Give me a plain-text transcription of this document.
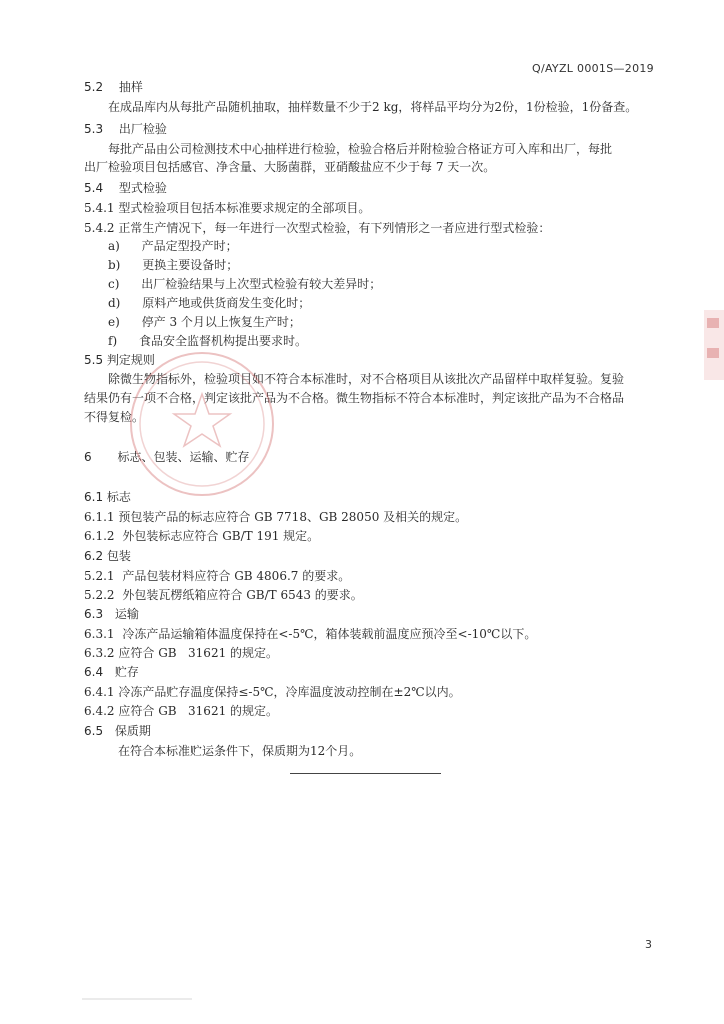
Q/AYZL 0001S—2019
5.2 抽样
在成品库内从每批产品随机抽取，抽样数量不少于2 kg，将样品平均分为2份，1份检验，1份备查。
5.3 出厂检验
每批产品由公司检测技术中心抽样进行检验，检验合格后并附检验合格证方可入库和出厂，每批
出厂检验项目包括感官、净含量、大肠菌群，亚硝酸盐应不少于每 7 天一次。
5.4 型式检验
5.4.1 型式检验项目包括本标准要求规定的全部项目。
5.4.2 正常生产情况下，每一年进行一次型式检验，有下列情形之一者应进行型式检验：
a) 产品定型投产时；
b) 更换主要设备时；
c) 出厂检验结果与上次型式检验有较大差异时；
d) 原料产地或供货商发生变化时；
e) 停产 3 个月以上恢复生产时；
f) 食品安全监督机构提出要求时。
5.5 判定规则
除微生物指标外，检验项目如不符合本标准时，对不合格项目从该批次产品留样中取样复验。复验
结果仍有一项不合格，判定该批产品为不合格。微生物指标不符合本标准时，判定该批产品为不合格品
不得复检。
6 标志、包装、运输、贮存
6.1 标志
6.1.1 预包装产品的标志应符合 GB 7718、GB 28050 及相关的规定。
6.1.2 外包装标志应符合 GB/T 191 规定。
6.2 包装
5.2.1 产品包装材料应符合 GB 4806.7 的要求。
5.2.2 外包装瓦楞纸箱应符合 GB/T 6543 的要求。
6.3 运输
6.3.1 冷冻产品运输箱体温度保持在<-5℃，箱体装载前温度应预冷至<-10℃以下。
6.3.2 应符合 GB   31621 的规定。
6.4 贮存
6.4.1 冷冻产品贮存温度保持≤-5℃，冷库温度波动控制在±2℃以内。
6.4.2 应符合 GB   31621 的规定。
6.5 保质期
在符合本标准贮运条件下，保质期为12个月。
3
